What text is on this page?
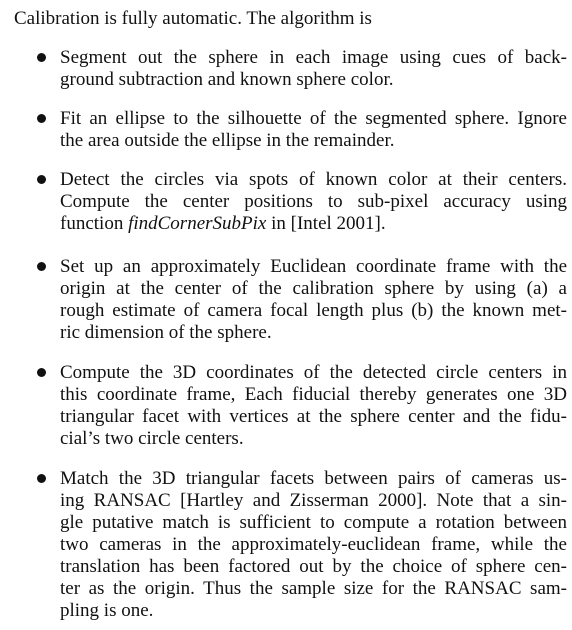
Calibration is fully automatic. The algorithm is
Segment out the sphere in each image using cues of back-
ground subtraction and known sphere color.
Fit an ellipse to the silhouette of the segmented sphere. Ignore
the area outside the ellipse in the remainder.
Detect the circles via spots of known color at their centers.
Compute the center positions to sub-pixel accuracy using
function findCornerSubPix in [Intel 2001].
Set up an approximately Euclidean coordinate frame with the
origin at the center of the calibration sphere by using (a) a
rough estimate of camera focal length plus (b) the known met-
ric dimension of the sphere.
Compute the 3D coordinates of the detected circle centers in
this coordinate frame, Each fiducial thereby generates one 3D
triangular facet with vertices at the sphere center and the fidu-
cial’s two circle centers.
Match the 3D triangular facets between pairs of cameras us-
ing RANSAC [Hartley and Zisserman 2000]. Note that a sin-
gle putative match is sufficient to compute a rotation between
two cameras in the approximately-euclidean frame, while the
translation has been factored out by the choice of sphere cen-
ter as the origin. Thus the sample size for the RANSAC sam-
pling is one.
